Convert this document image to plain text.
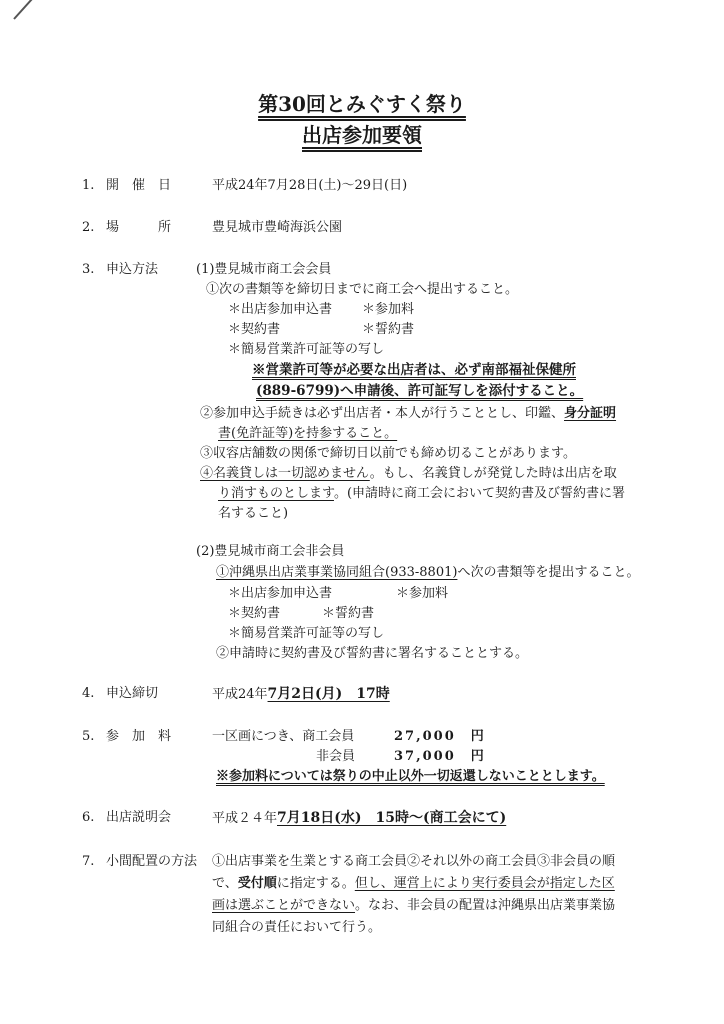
第30回とみぐすく祭り
出店参加要領
1. 開　催　日	平成24年7月28日(土)～29日(日)
2. 場　　　所	豊見城市豊崎海浜公園
3. 申込方法	(1)豊見城市商工会会員
①次の書類等を締切日までに商工会へ提出すること。
＊出店参加申込書 ＊参加料
＊契約書	＊誓約書
＊簡易営業許可証等の写し
※営業許可等が必要な出店者は、必ず南部福祉保健所
(889-6799)へ申請後、許可証写しを添付すること。
②参加申込手続きは必ず出店者・本人が行うこととし、印鑑、身分証明
書(免許証等)を持参すること。
③収容店舗数の関係で締切日以前でも締め切ることがあります。
④名義貸しは一切認めません。もし、名義貸しが発覚した時は出店を取
り消すものとします。(申請時に商工会において契約書及び誓約書に署
名すること)
(2)豊見城市商工会非会員
①沖縄県出店業事業協同組合(933-8801)へ次の書類等を提出すること。
＊出店参加申込書	＊参加料
＊契約書	＊誓約書
＊簡易営業許可証等の写し
②申請時に契約書及び誓約書に署名することとする。
4. 申込締切	平成24年7月2日(月)　17時
5. 参　加　料	一区画につき、商工会員	27,000　円
非会員	37,000　円
※参加料については祭りの中止以外一切返還しないこととします。
6. 出店説明会	平成２４年7月18日(水)　15時～(商工会にて)
7. 小間配置の方法 ①出店事業を生業とする商工会員②それ以外の商工会員③非会員の順
で、受付順に指定する。但し、運営上により実行委員会が指定した区
画は選ぶことができない。なお、非会員の配置は沖縄県出店業事業協
同組合の責任において行う。
